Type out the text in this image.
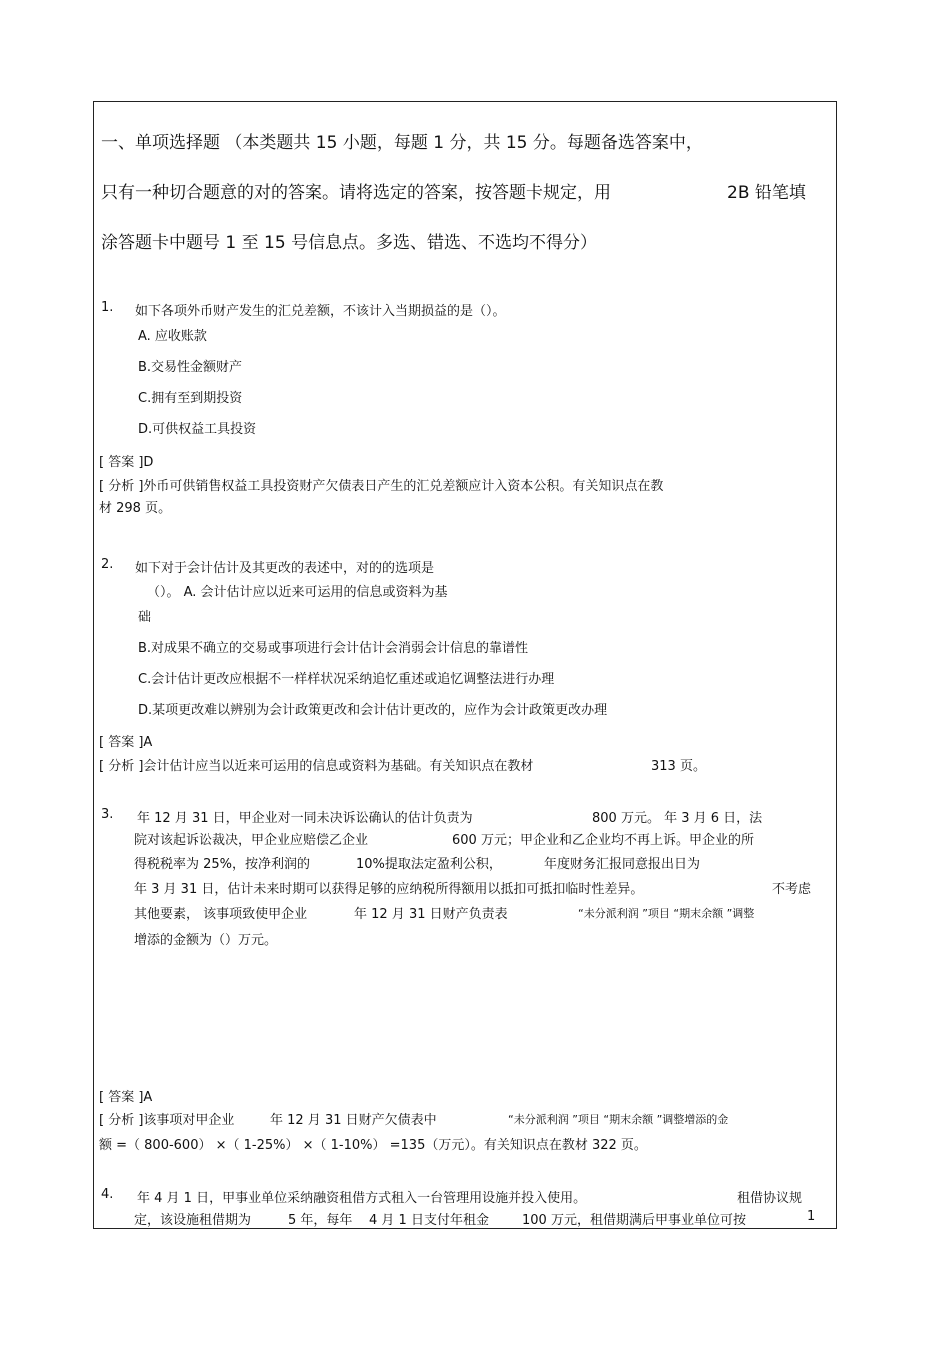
一、单项选择题 （本类题共 15 小题，每题 1 分，共 15 分。每题备选答案中，
只有一种切合题意的对的答案。请将选定的答案，按答题卡规定，用	2B 铅笔填
涂答题卡中题号 1 至 15 号信息点。多选、错选、不选均不得分）
1. 如下各项外币财产发生的汇兑差额，不该计入当期损益的是（）。
A. 应收账款
B.交易性金额财产
C.拥有至到期投资
D.可供权益工具投资
[ 答案 ]D
[ 分析 ]外币可供销售权益工具投资财产欠债表日产生的汇兑差额应计入资本公积。有关知识点在教
材 298 页。
2. 如下对于会计估计及其更改的表述中，对的的选项是
（）。 A. 会计估计应以近来可运用的信息或资料为基
础
B.对成果不确立的交易或事项进行会计估计会消弱会计信息的靠谱性
C.会计估计更改应根据不一样样状况采纳追忆重述或追忆调整法进行办理
D.某项更改难以辨别为会计政策更改和会计估计更改的，应作为会计政策更改办理
[ 答案 ]A
[ 分析 ]会计估计应当以近来可运用的信息或资料为基础。有关知识点在教材	313 页。
3. 年 12 月 31 日，甲企业对一同未决诉讼确认的估计负责为	800 万元。 年 3 月 6 日，法
院对该起诉讼裁决，甲企业应赔偿乙企业	600 万元；甲企业和乙企业均不再上诉。甲企业的所
得税税率为 25%，按净利润的	10%提取法定盈利公积，	年度财务汇报同意报出日为
年 3 月 31 日，估计未来时期可以获得足够的应纳税所得额用以抵扣可抵扣临时性差异。	不考虑
其他要素， 该事项致使甲企业	年 12 月 31 日财产负责表	“未分派利润 ”项目 “期末余额 ”调整
增添的金额为（）万元。
[ 答案 ]A
[ 分析 ]该事项对甲企业	年 12 月 31 日财产欠债表中	“未分派利润 ”项目 “期末余额 ”调整增添的金
额 =（ 800-600） ×（ 1-25%） ×（ 1-10%） =135（万元）。有关知识点在教材 322 页。
4. 年 4 月 1 日，甲事业单位采纳融资租借方式租入一台管理用设施并投入使用。	租借协议规
定，该设施租借期为	5 年，每年 4 月 1 日支付年租金	100 万元，租借期满后甲事业单位可按	1
